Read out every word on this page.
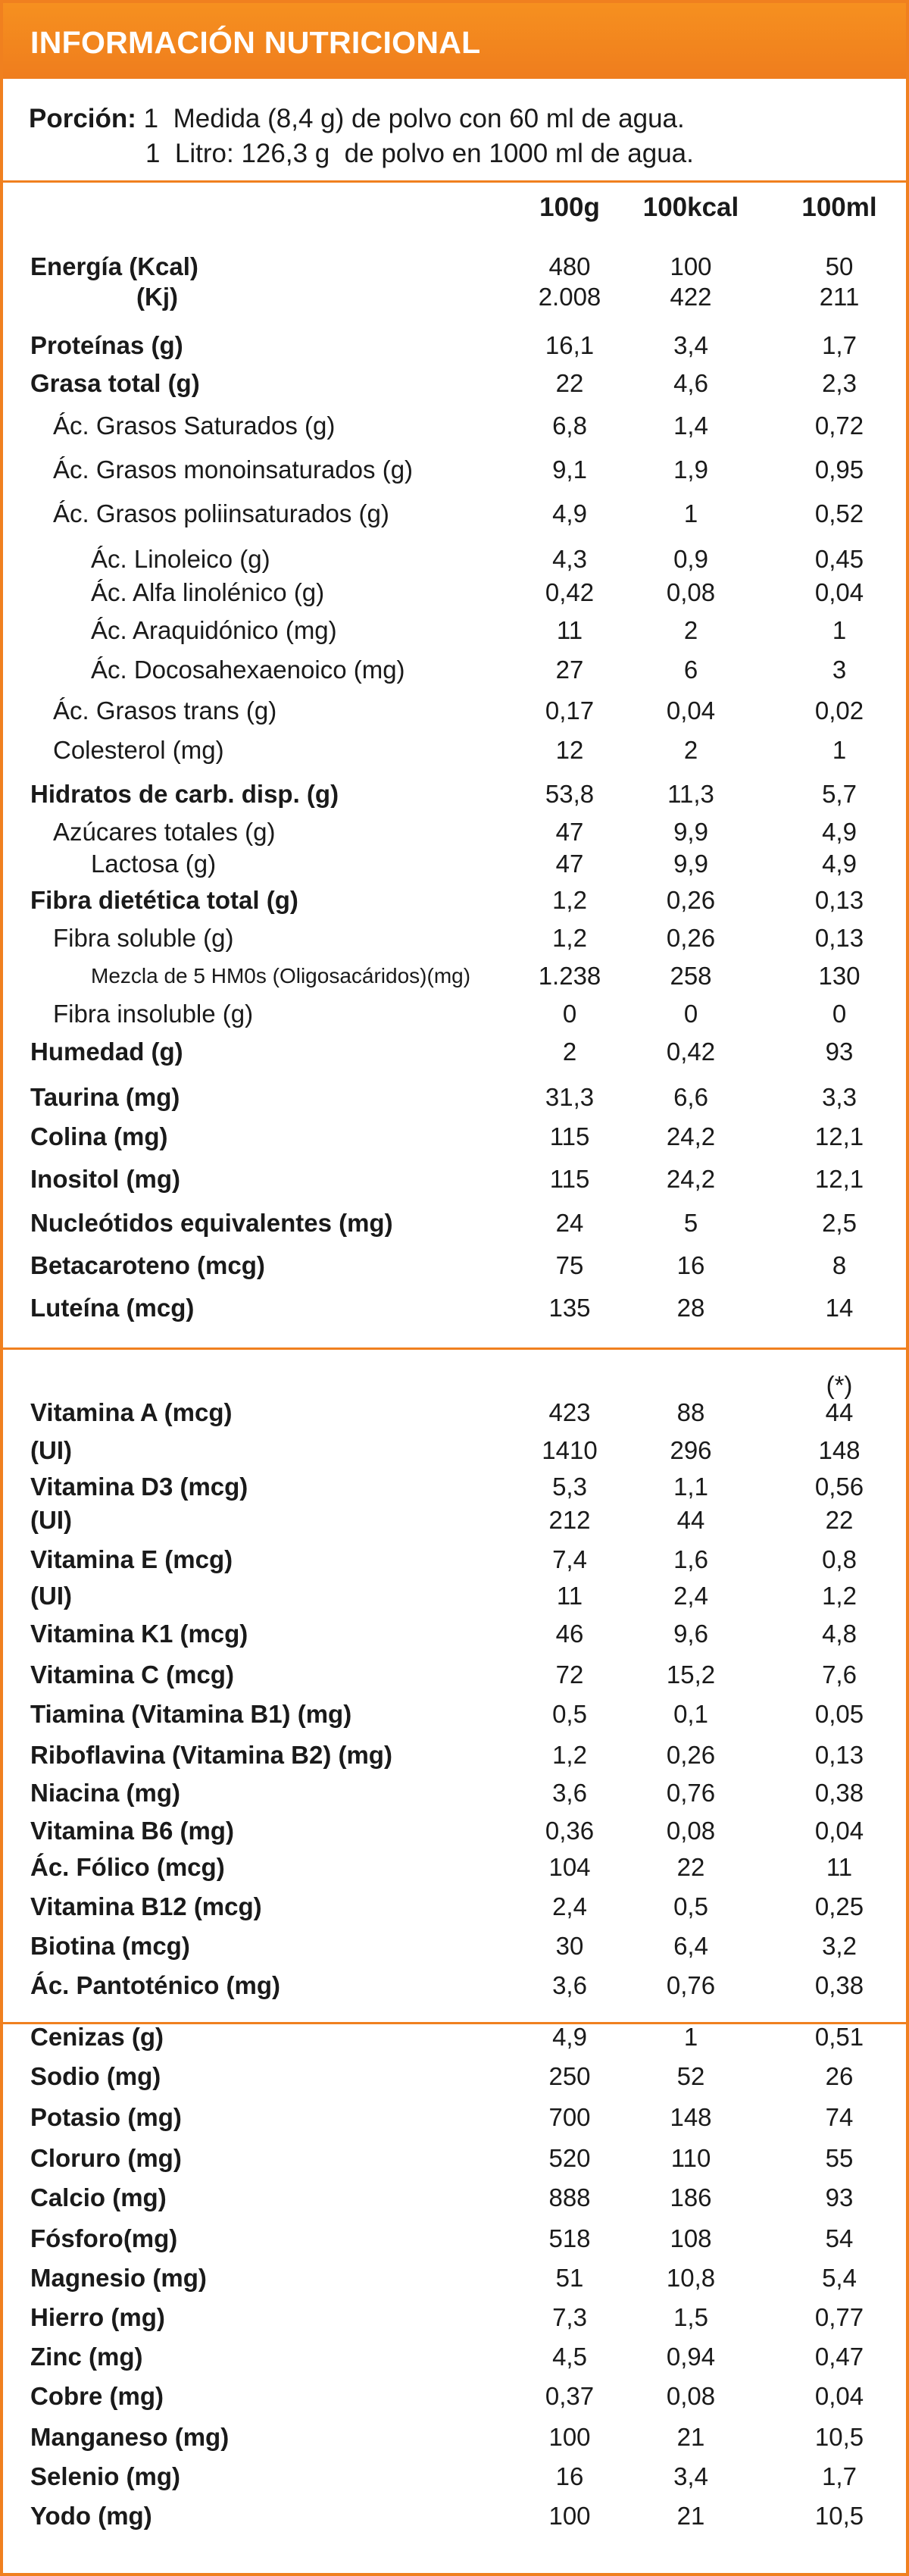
INFORMACIÓN NUTRICIONAL
Porción: 1  Medida (8,4 g) de polvo con 60 ml de agua.
1  Litro: 126,3 g  de polvo en 1000 ml de agua.
100g	100kcal	100ml
(*)
Energía (Kcal)	480	100	50
(Kj)	2.008	422	211
Proteínas (g)	16,1	3,4	1,7
Grasa total (g)	22	4,6	2,3
Ác. Grasos Saturados (g)	6,8	1,4	0,72
Ác. Grasos monoinsaturados (g)	9,1	1,9	0,95
Ác. Grasos poliinsaturados (g)	4,9	1	0,52
Ác. Linoleico (g)	4,3	0,9	0,45
Ác. Alfa linolénico (g)	0,42	0,08	0,04
Ác. Araquidónico (mg)	11	2	1
Ác. Docosahexaenoico (mg)	27	6	3
Ác. Grasos trans (g)	0,17	0,04	0,02
Colesterol (mg)	12	2	1
Hidratos de carb. disp. (g)	53,8	11,3	5,7
Azúcares totales (g)	47	9,9	4,9
Lactosa (g)	47	9,9	4,9
Fibra dietética total (g)	1,2	0,26	0,13
Fibra soluble (g)	1,2	0,26	0,13
Mezcla de 5 HM0s (Oligosacáridos)(mg)	1.238	258	130
Fibra insoluble (g)	0	0	0
Humedad (g)	2	0,42	93
Taurina (mg)	31,3	6,6	3,3
Colina (mg)	115	24,2	12,1
Inositol (mg)	115	24,2	12,1
Nucleótidos equivalentes (mg)	24	5	2,5
Betacaroteno (mcg)	75	16	8
Luteína (mcg)	135	28	14
Vitamina A (mcg)	423	88	44
(UI)	1410	296	148
Vitamina D3 (mcg)	5,3	1,1	0,56
(UI)	212	44	22
Vitamina E (mcg)	7,4	1,6	0,8
(UI)	11	2,4	1,2
Vitamina K1 (mcg)	46	9,6	4,8
Vitamina C (mcg)	72	15,2	7,6
Tiamina (Vitamina B1) (mg)	0,5	0,1	0,05
Riboflavina (Vitamina B2) (mg)	1,2	0,26	0,13
Niacina (mg)	3,6	0,76	0,38
Vitamina B6 (mg)	0,36	0,08	0,04
Ác. Fólico (mcg)	104	22	11
Vitamina B12 (mcg)	2,4	0,5	0,25
Biotina (mcg)	30	6,4	3,2
Ác. Pantoténico (mg)	3,6	0,76	0,38
Cenizas (g)	4,9	1	0,51
Sodio (mg)	250	52	26
Potasio (mg)	700	148	74
Cloruro (mg)	520	110	55
Calcio (mg)	888	186	93
Fósforo(mg)	518	108	54
Magnesio (mg)	51	10,8	5,4
Hierro (mg)	7,3	1,5	0,77
Zinc (mg)	4,5	0,94	0,47
Cobre (mg)	0,37	0,08	0,04
Manganeso (mg)	100	21	10,5
Selenio (mg)	16	3,4	1,7
Yodo (mg)	100	21	10,5
